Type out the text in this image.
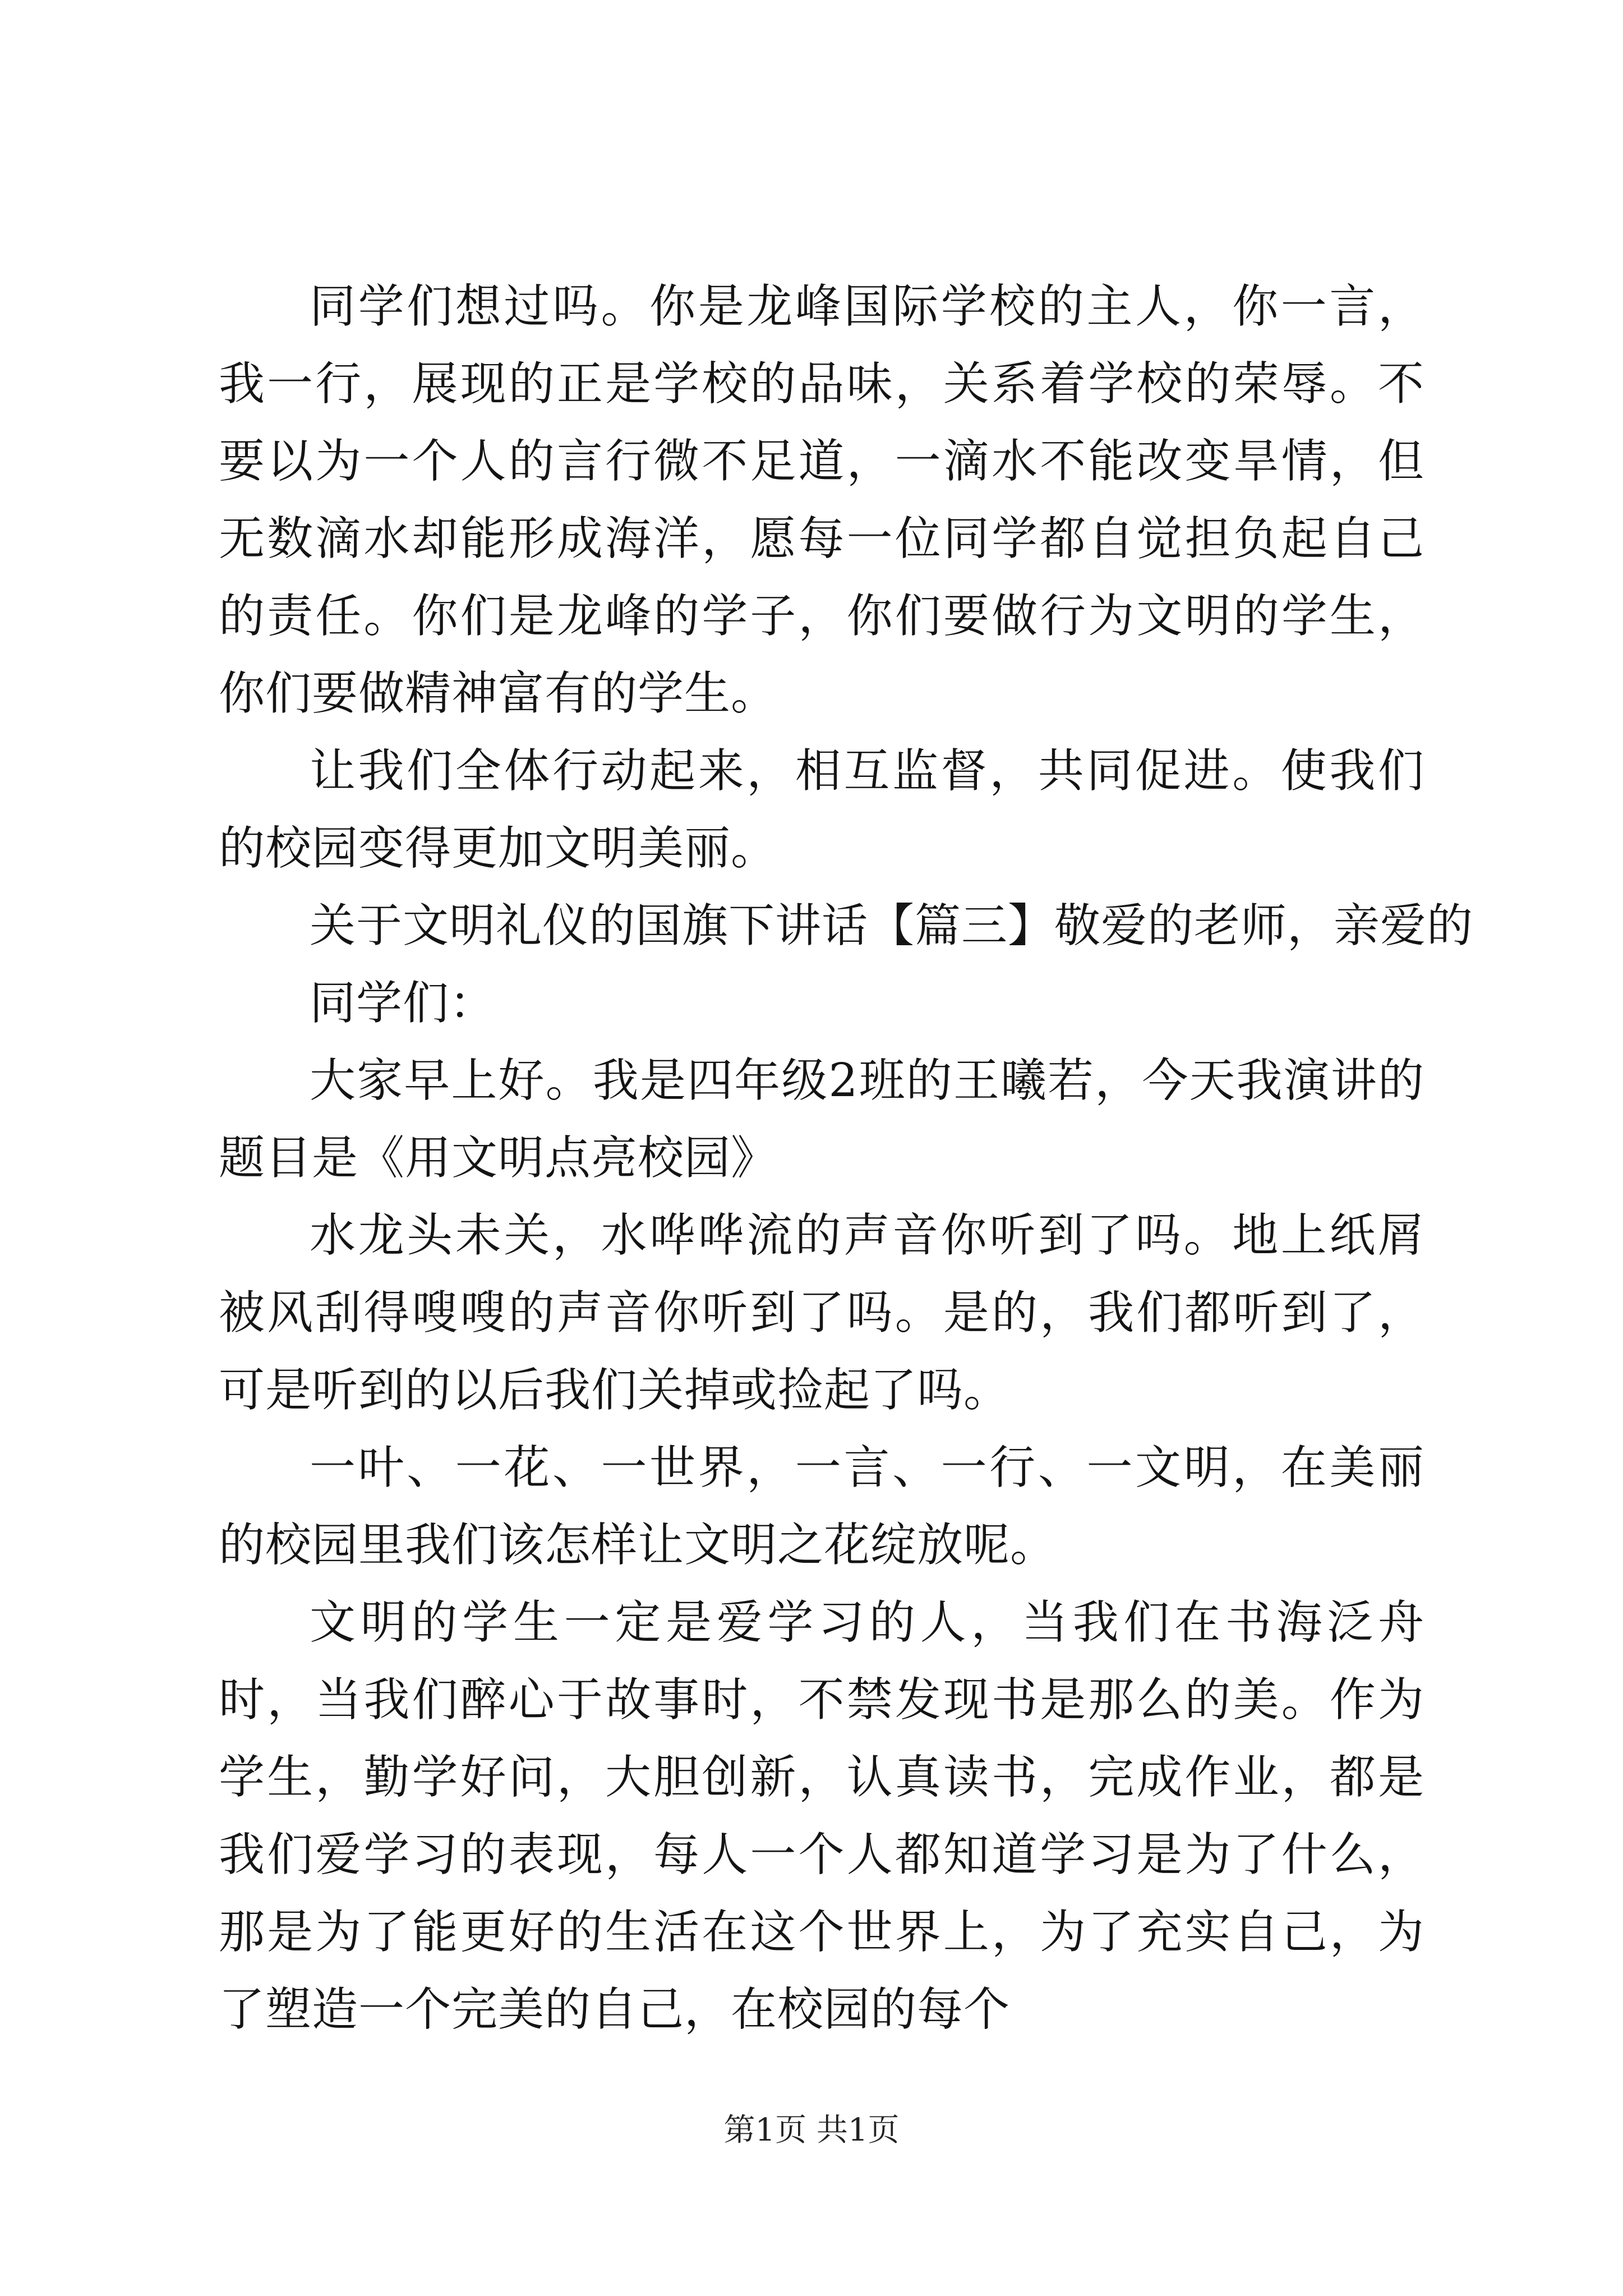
同学们想过吗。你是龙峰国际学校的主人，你一言，我一行，展现的正是学校的品味，关系着学校的荣辱。不要以为一个人的言行微不足道，一滴水不能改变旱情，但无数滴水却能形成海洋，愿每一位同学都自觉担负起自己的责任。你们是龙峰的学子，你们要做行为文明的学生，你们要做精神富有的学生。

让我们全体行动起来，相互监督，共同促进。使我们的校园变得更加文明美丽。

关于文明礼仪的国旗下讲话【篇三】敬爱的老师，亲爱的

同学们：

大家早上好。我是四年级2班的王曦若，今天我演讲的题目是《用文明点亮校园》

水龙头未关，水哗哗流的声音你听到了吗。地上纸屑被风刮得嗖嗖的声音你听到了吗。是的，我们都听到了，可是听到的以后我们关掉或捡起了吗。

一叶、一花、一世界，一言、一行、一文明，在美丽的校园里我们该怎样让文明之花绽放呢。

文明的学生一定是爱学习的人，当我们在书海泛舟时，当我们醉心于故事时，不禁发现书是那么的美。作为学生，勤学好问，大胆创新，认真读书，完成作业，都是我们爱学习的表现，每人一个人都知道学习是为了什么，那是为了能更好的生活在这个世界上，为了充实自己，为了塑造一个完美的自己，在校园的每个

第1页 共1页
